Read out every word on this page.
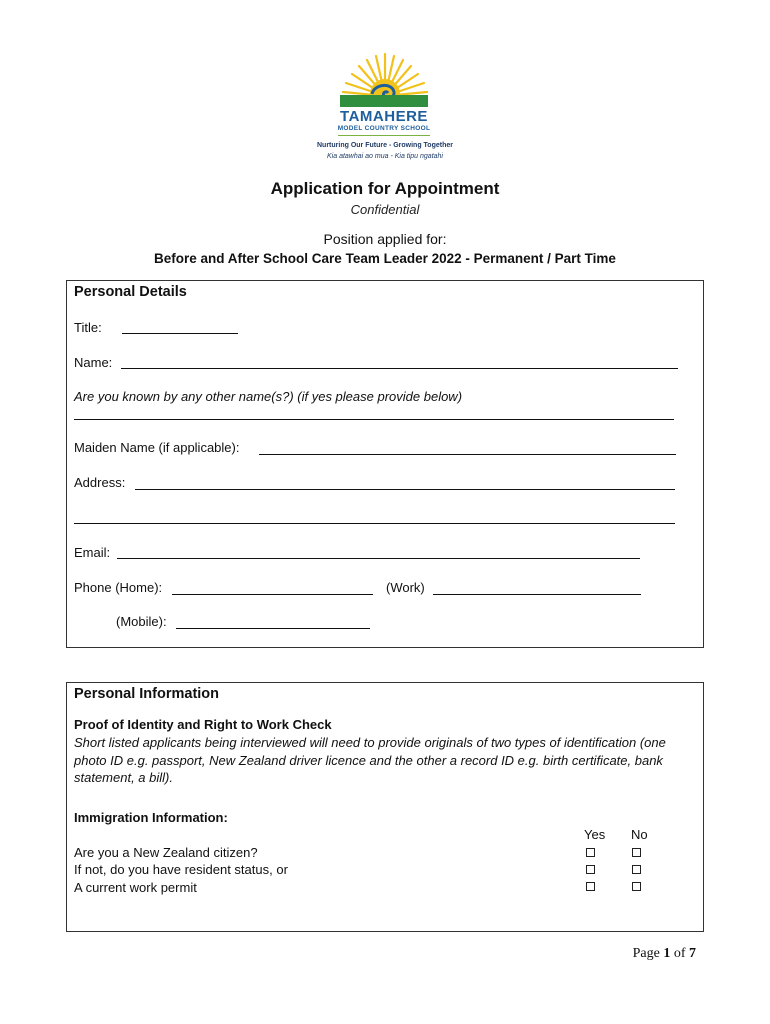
TAMAHERE
MODEL COUNTRY SCHOOL
Nurturing Our Future - Growing Together
Kia atawhai ao mua - Kia tipu ngatahi
Application for Appointment
Confidential
Position applied for:
Before and After School Care Team Leader 2022 - Permanent / Part Time
Personal Details
Title:
Name:
Are you known by any other name(s?) (if yes please provide below)
Maiden Name (if applicable):
Address:
Email:
Phone (Home):	(Work)
(Mobile):
Personal Information
Proof of Identity and Right to Work Check
Short listed applicants being interviewed will need to provide originals of two types of identification (one photo ID e.g. passport, New Zealand driver licence and the other a record ID e.g. birth certificate, bank statement, a bill).
Immigration Information:
Yes No
Are you a New Zealand citizen?
If not, do you have resident status, or
A current work permit
Page 1 of 7
